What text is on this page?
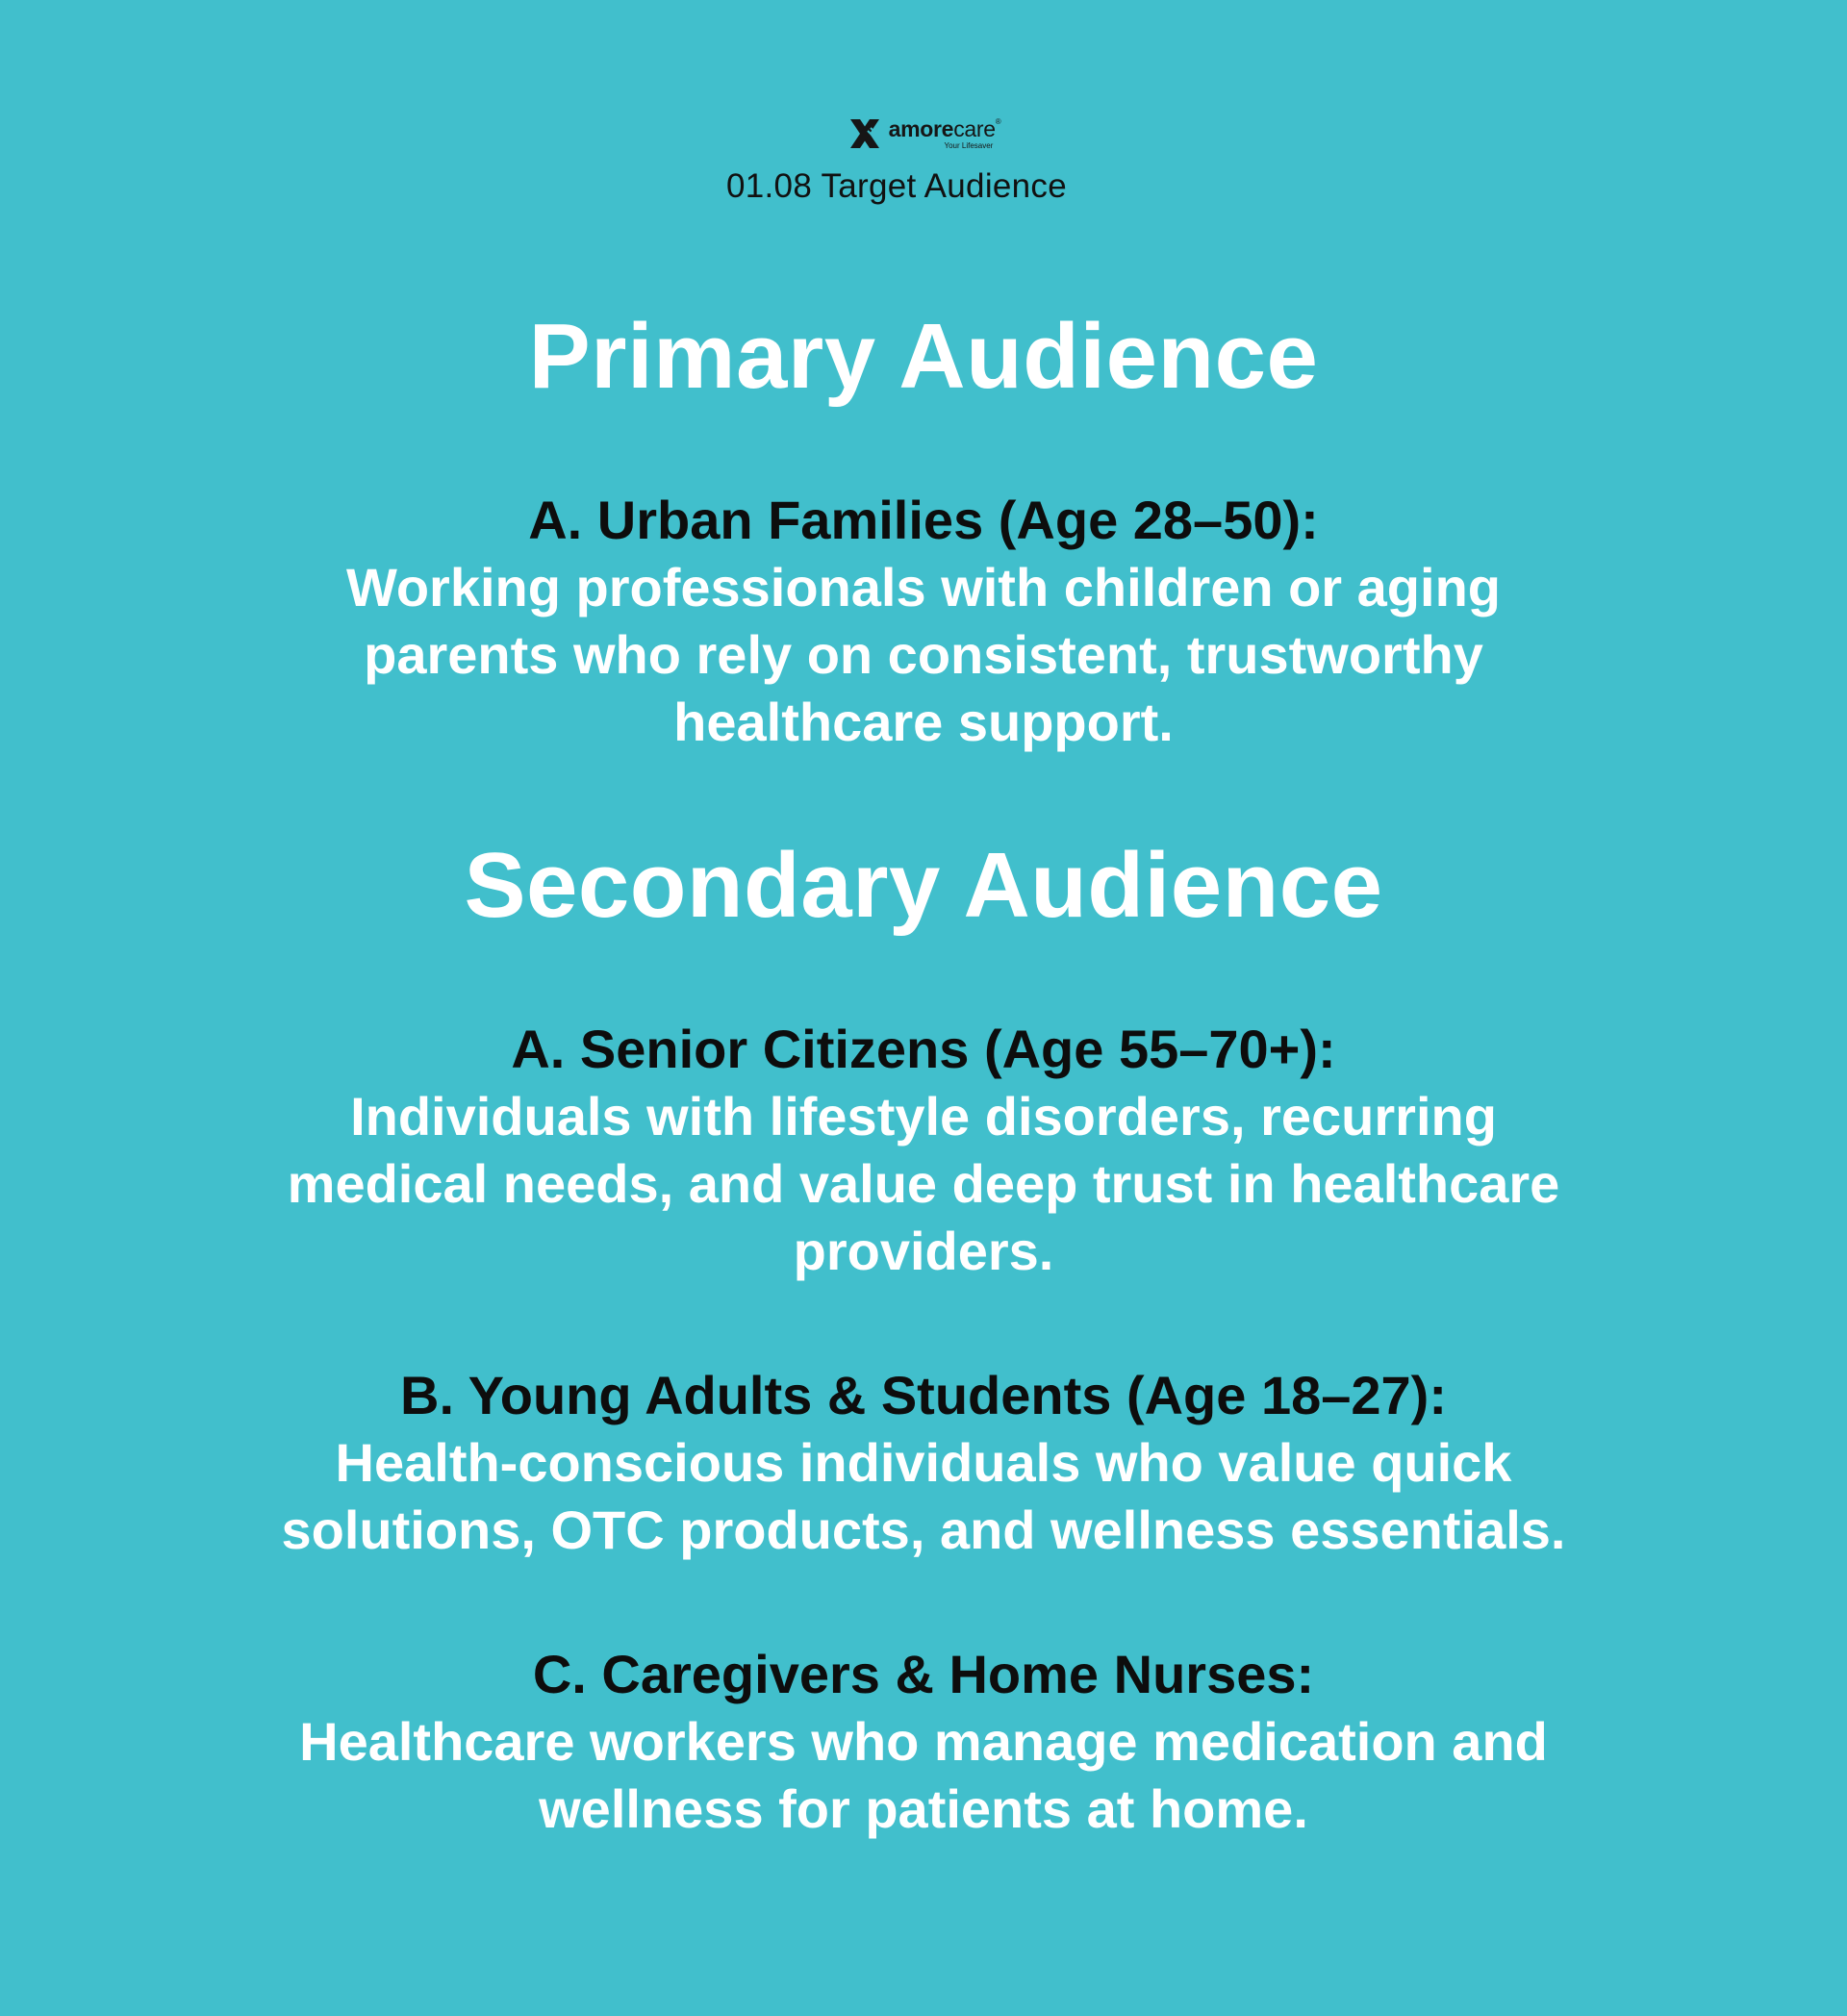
amorecare®
Your Lifesaver
01.08 Target Audience
Primary Audience

A. Urban Families (Age 28–50):

Working professionals with children or aging
parents who rely on consistent, trustworthy
healthcare support.

Secondary Audience

A. Senior Citizens (Age 55–70+):

Individuals with lifestyle disorders, recurring
medical needs, and value deep trust in healthcare
providers.

B. Young Adults & Students (Age 18–27):

Health-conscious individuals who value quick
solutions, OTC products, and wellness essentials.

C. Caregivers & Home Nurses:

Healthcare workers who manage medication and
wellness for patients at home.
